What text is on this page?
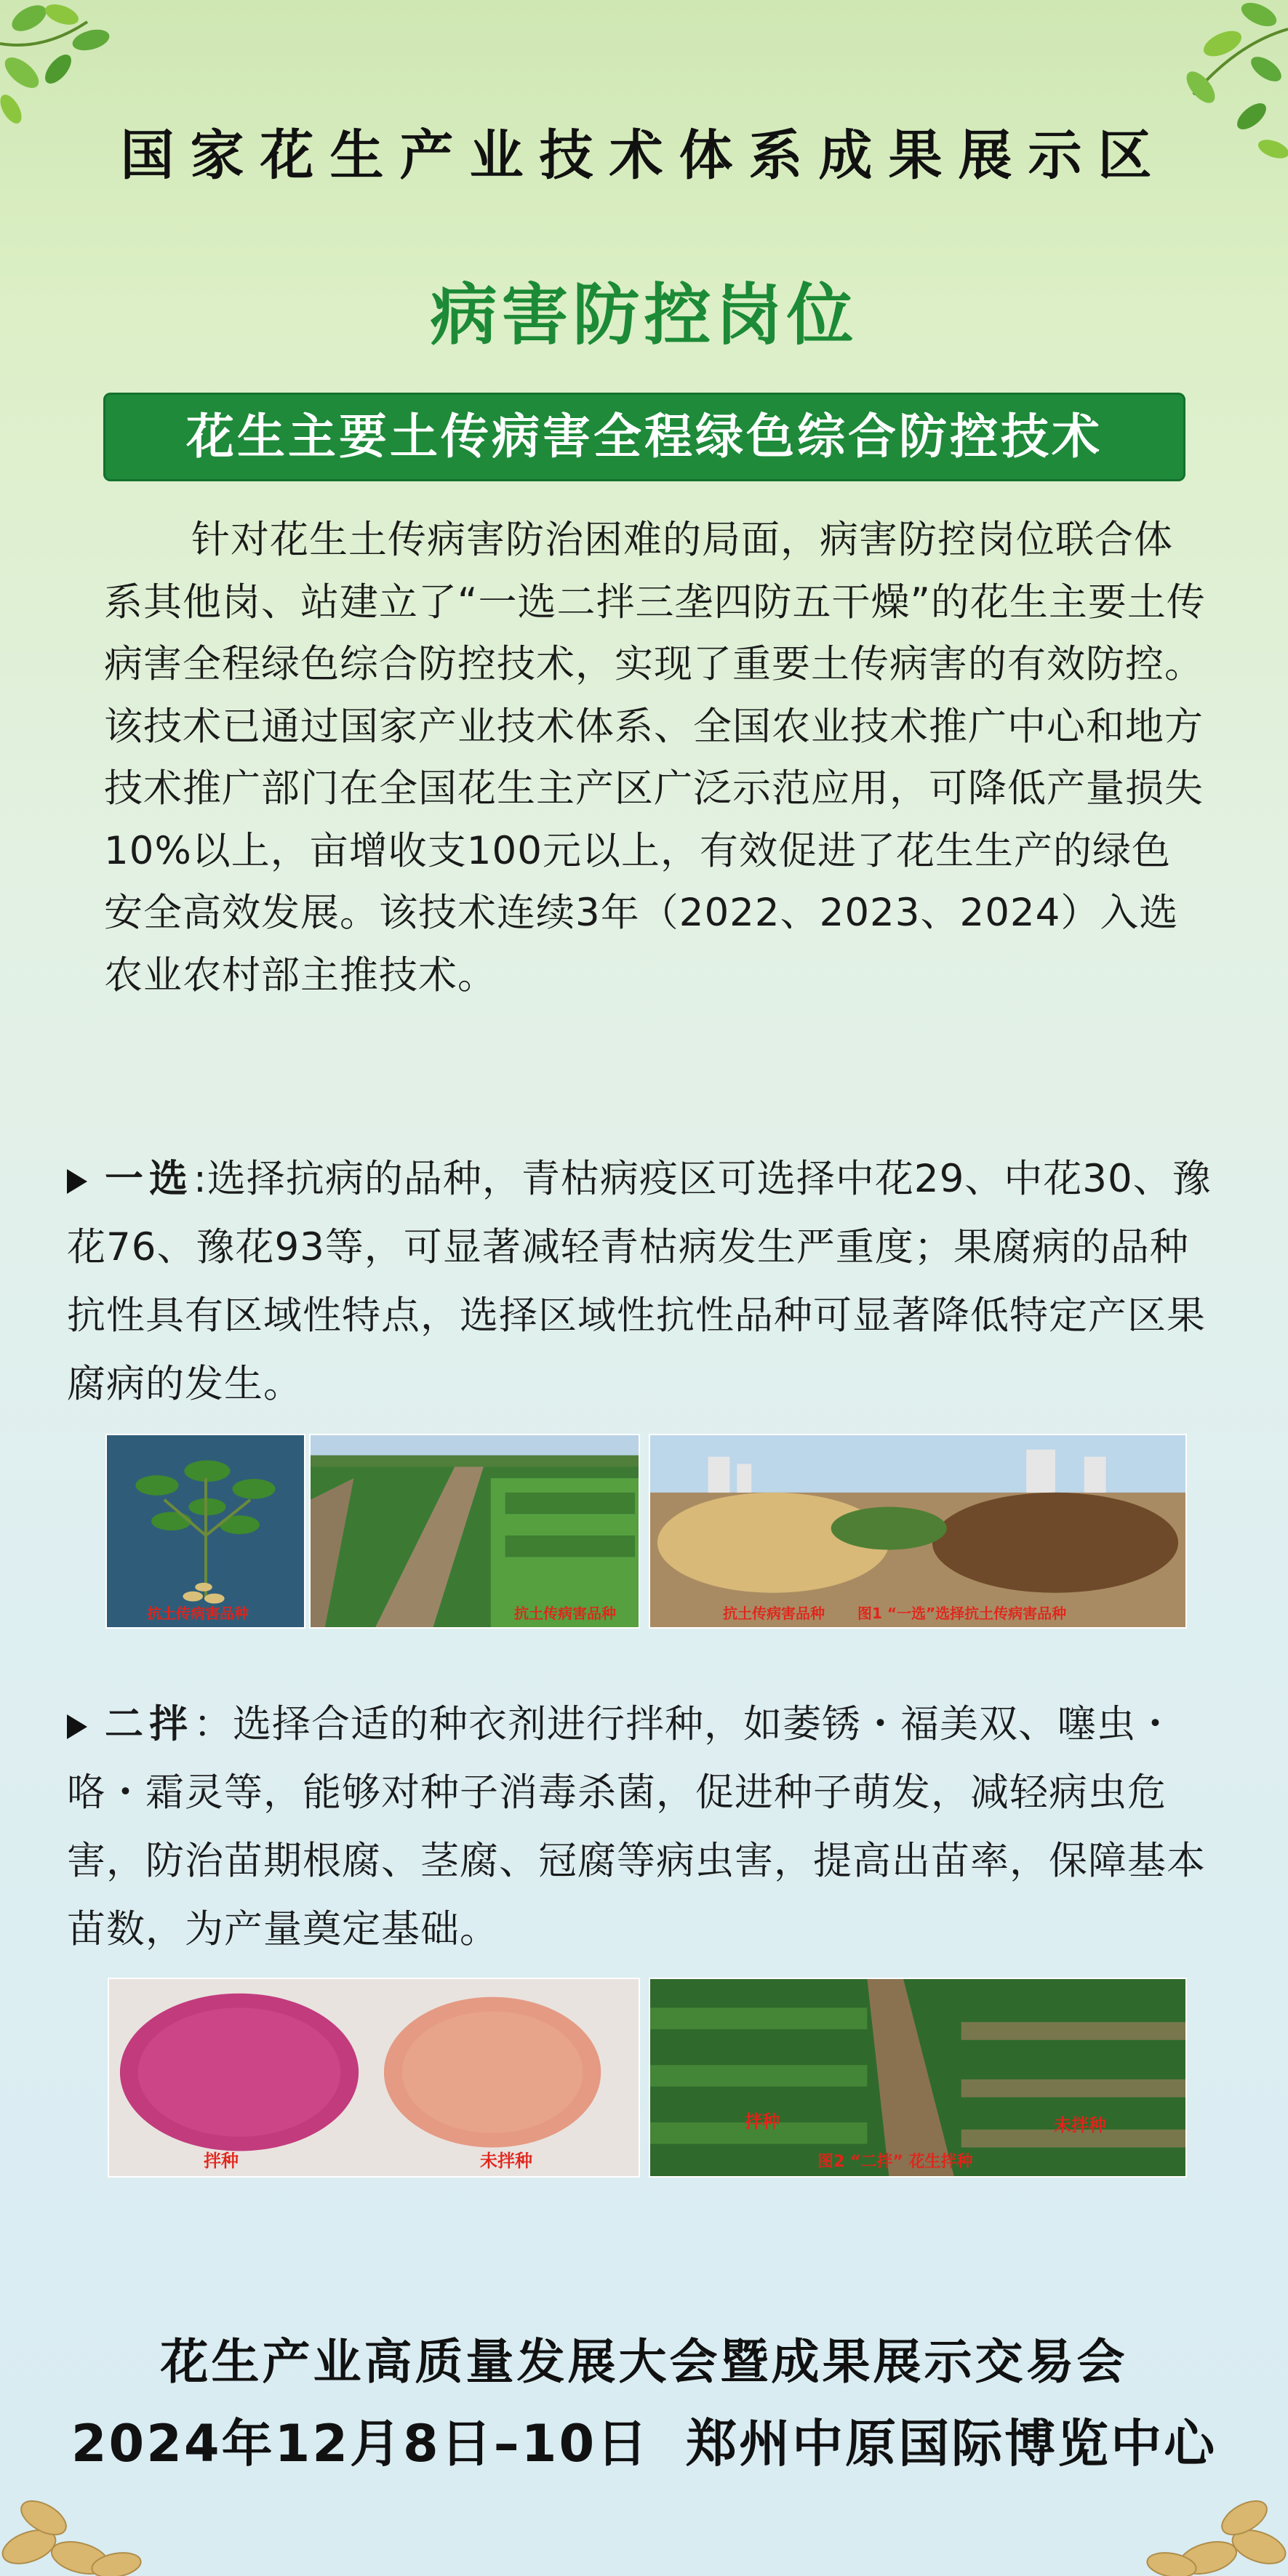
国家花生产业技术体系成果展示区
病害防控岗位
花生主要土传病害全程绿色综合防控技术
针对花生土传病害防治困难的局面，病害防控岗位联合体系其他岗、站建立了“一选二拌三垄四防五干燥”的花生主要土传病害全程绿色综合防控技术，实现了重要土传病害的有效防控。该技术已通过国家产业技术体系、全国农业技术推广中心和地方技术推广部门在全国花生主产区广泛示范应用，可降低产量损失10%以上，亩增收支100元以上，有效促进了花生生产的绿色安全高效发展。该技术连续3年（2022、2023、2024）入选农业农村部主推技术。
一选:选择抗病的品种，青枯病疫区可选择中花29、中花30、豫花76、豫花93等，可显著减轻青枯病发生严重度；果腐病的品种抗性具有区域性特点，选择区域性抗性品种可显著降低特定产区果腐病的发生。
抗土传病害品种	抗土传病害品种	抗土传病害品种 图1 “一选”选择抗土传病害品种
二拌：选择合适的种衣剂进行拌种，如萎锈・福美双、噻虫・咯・霜灵等，能够对种子消毒杀菌，促进种子萌发，减轻病虫危害，防治苗期根腐、茎腐、冠腐等病虫害，提高出苗率，保障基本苗数，为产量奠定基础。
拌种	未拌种
拌种	未拌种
图2 “二拌” 花生拌种
花生产业高质量发展大会暨成果展示交易会
2024年12月8日–10日 郑州中原国际博览中心
